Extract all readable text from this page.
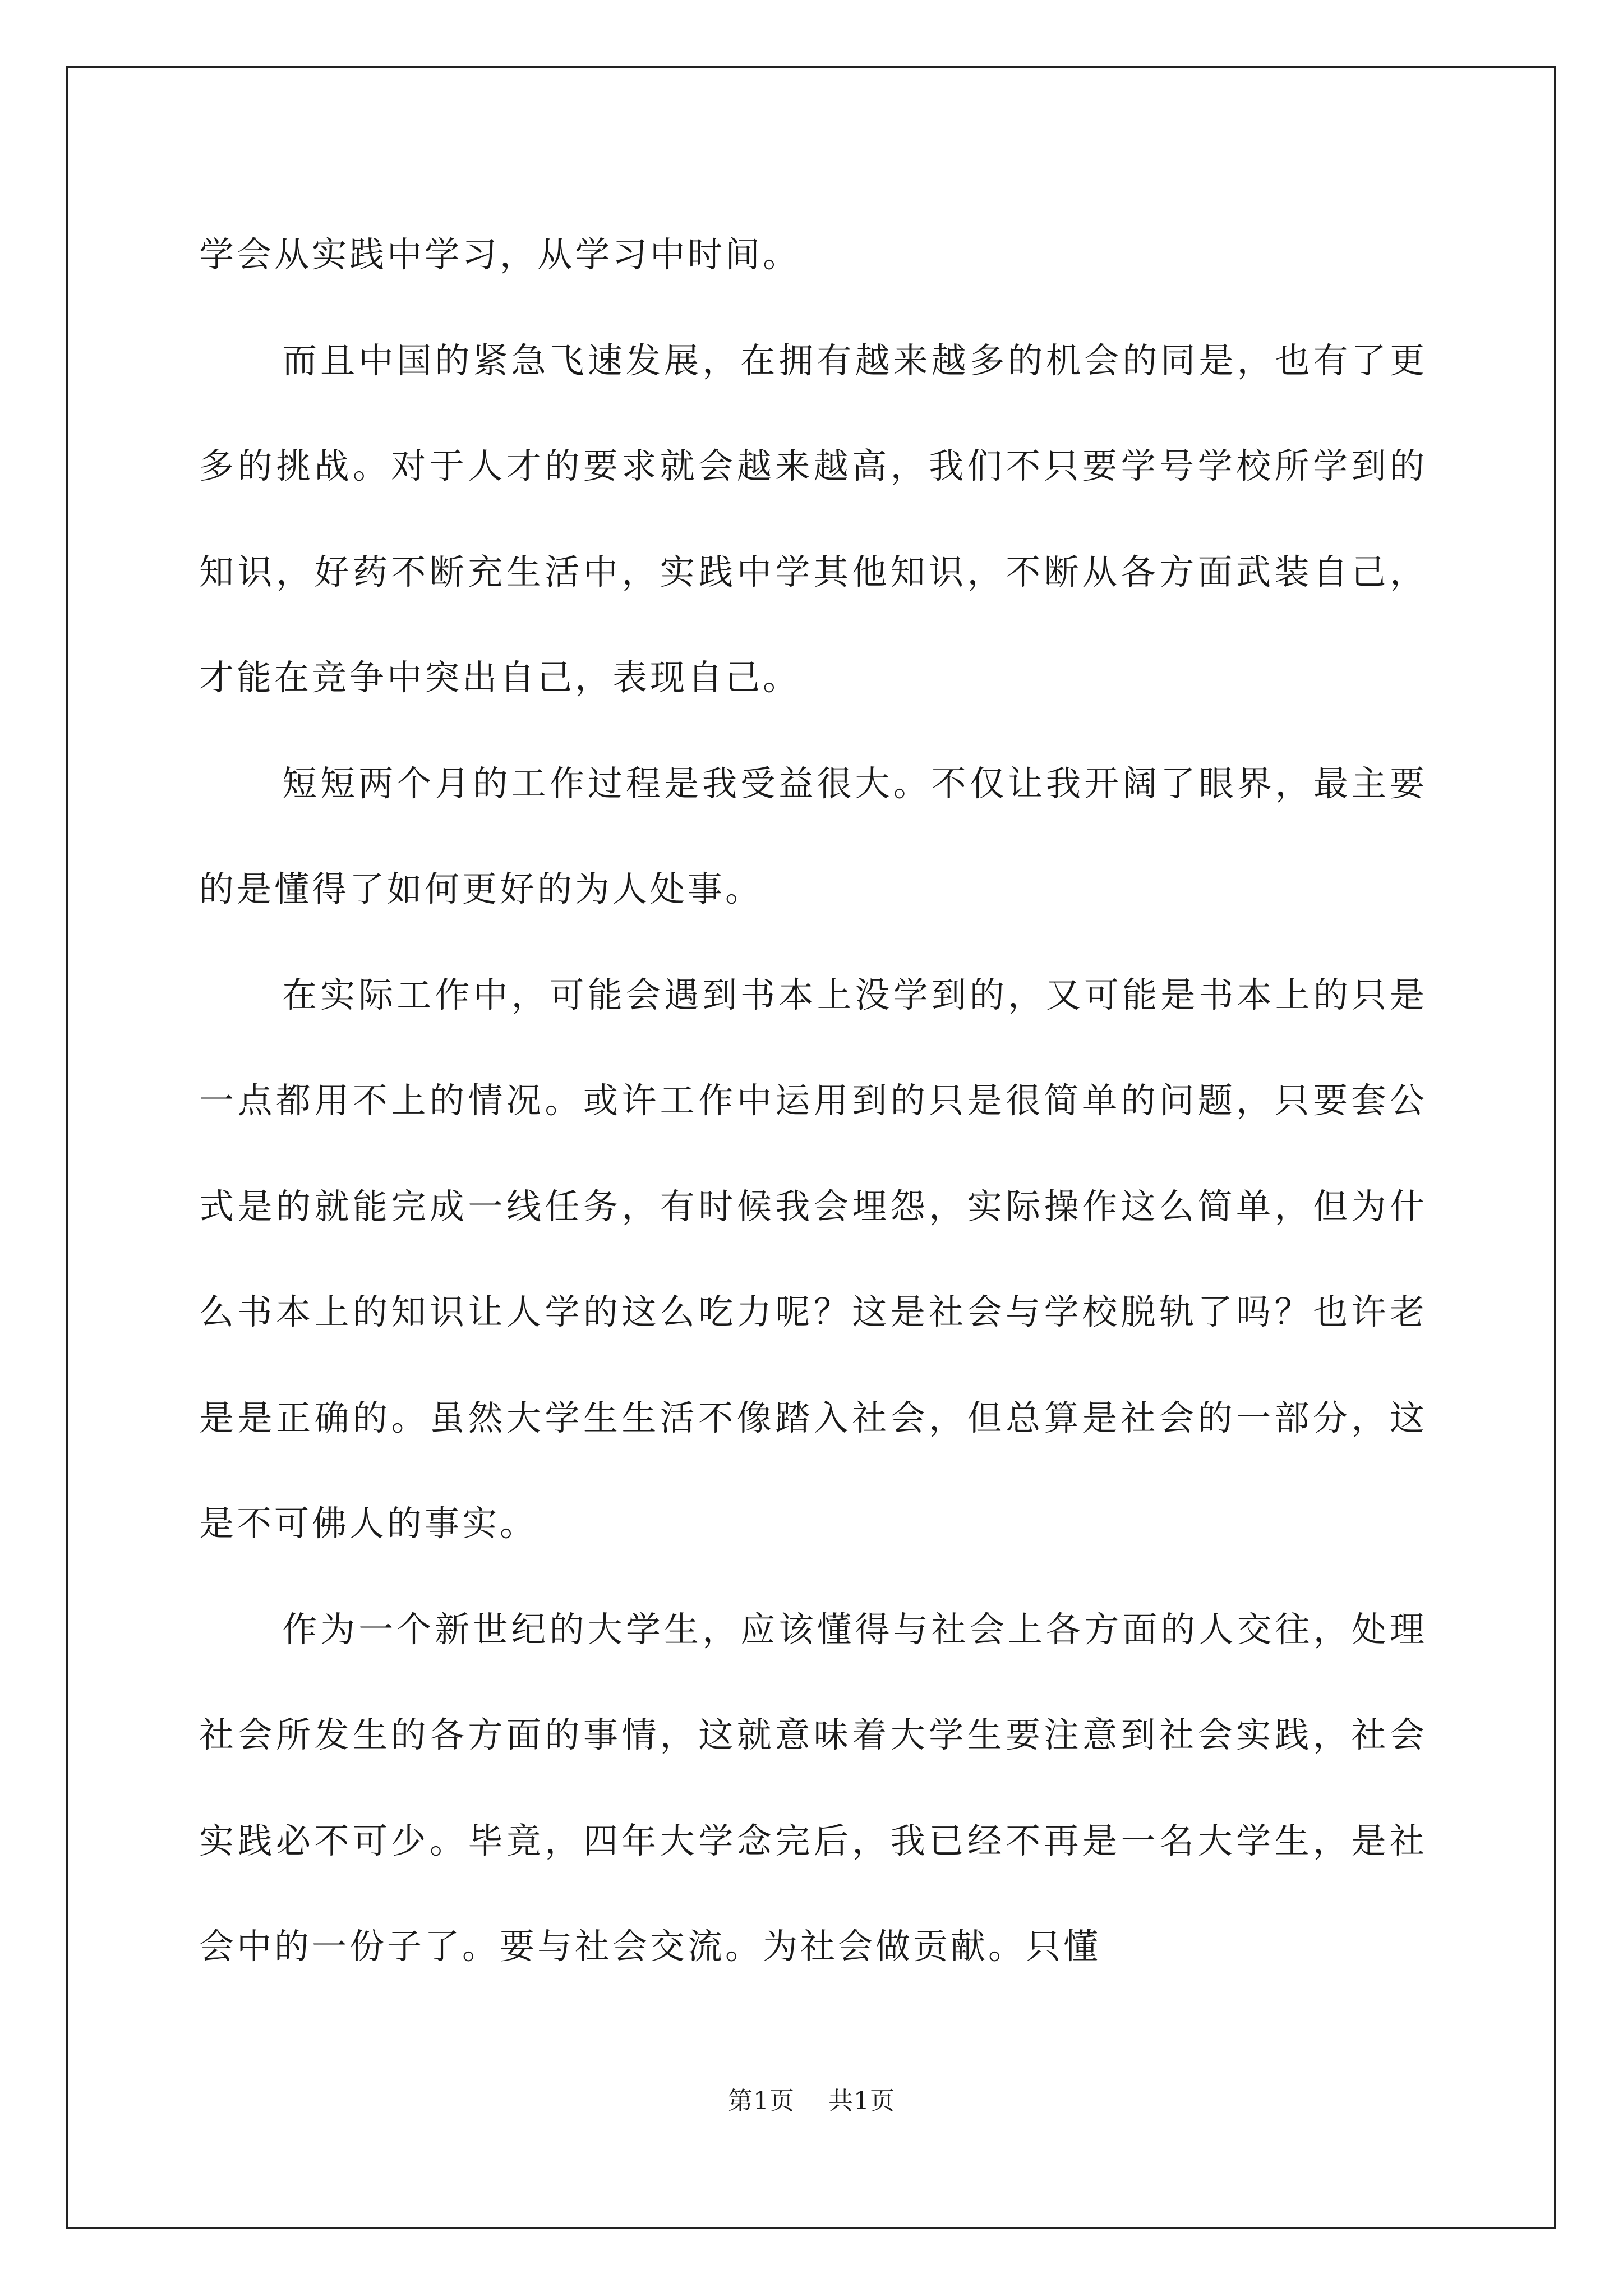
学会从实践中学习，从学习中时间。

而且中国的紧急飞速发展，在拥有越来越多的机会的同是，也有了更多的挑战。对于人才的要求就会越来越高，我们不只要学号学校所学到的知识，好药不断充生活中，实践中学其他知识，不断从各方面武装自己，才能在竞争中突出自己，表现自己。

短短两个月的工作过程是我受益很大。不仅让我开阔了眼界，最主要的是懂得了如何更好的为人处事。

在实际工作中，可能会遇到书本上没学到的，又可能是书本上的只是一点都用不上的情况。或许工作中运用到的只是很简单的问题，只要套公式是的就能完成一线任务，有时候我会埋怨，实际操作这么简单，但为什么书本上的知识让人学的这么吃力呢？这是社会与学校脱轨了吗？也许老是是正确的。虽然大学生生活不像踏入社会，但总算是社会的一部分，这是不可佛人的事实。

作为一个新世纪的大学生，应该懂得与社会上各方面的人交往，处理社会所发生的各方面的事情，这就意味着大学生要注意到社会实践，社会实践必不可少。毕竟，四年大学念完后，我已经不再是一名大学生，是社会中的一份子了。要与社会交流。为社会做贡献。只懂

第1页 共1页
